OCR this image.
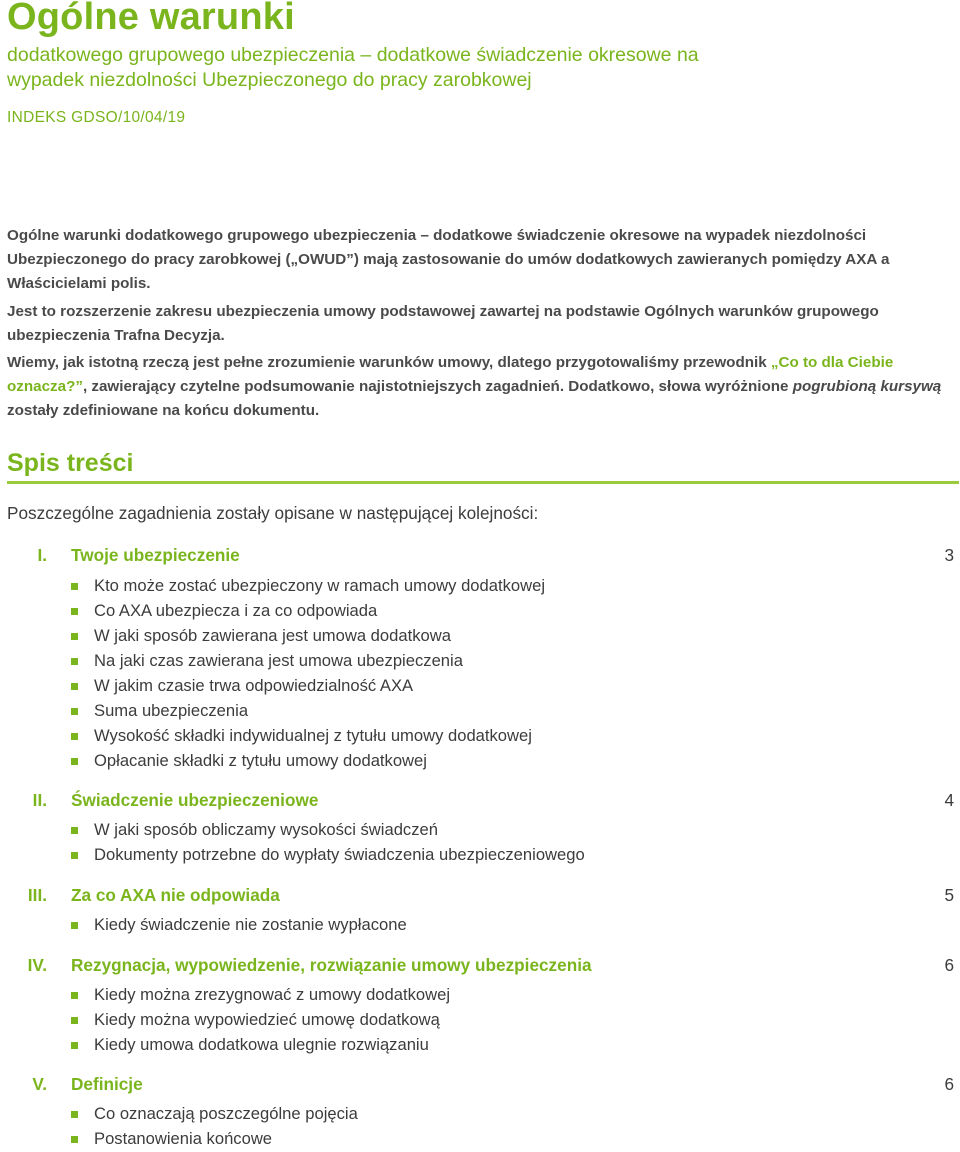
Ogólne warunki
dodatkowego grupowego ubezpieczenia – dodatkowe świadczenie okresowe na wypadek niezdolności Ubezpieczonego do pracy zarobkowej
INDEKS GDSO/10/04/19

Ogólne warunki dodatkowego grupowego ubezpieczenia – dodatkowe świadczenie okresowe na wypadek niezdolności Ubezpieczonego do pracy zarobkowej („OWUD”) mają zastosowanie do umów dodatkowych zawieranych pomiędzy AXA a Właścicielami polis.

Jest to rozszerzenie zakresu ubezpieczenia umowy podstawowej zawartej na podstawie Ogólnych warunków grupowego ubezpieczenia Trafna Decyzja.

Wiemy, jak istotną rzeczą jest pełne zrozumienie warunków umowy, dlatego przygotowaliśmy przewodnik „Co to dla Ciebie oznacza?”, zawierający czytelne podsumowanie najistotniejszych zagadnień. Dodatkowo, słowa wyróżnione pogrubioną kursywą zostały zdefiniowane na końcu dokumentu.

Spis treści
Poszczególne zagadnienia zostały opisane w następującej kolejności:
I. Twoje ubezpieczenie	3
Kto może zostać ubezpieczony w ramach umowy dodatkowej
Co AXA ubezpiecza i za co odpowiada
W jaki sposób zawierana jest umowa dodatkowa
Na jaki czas zawierana jest umowa ubezpieczenia
W jakim czasie trwa odpowiedzialność AXA
Suma ubezpieczenia
Wysokość składki indywidualnej z tytułu umowy dodatkowej
Opłacanie składki z tytułu umowy dodatkowej
II. Świadczenie ubezpieczeniowe	4
W jaki sposób obliczamy wysokości świadczeń
Dokumenty potrzebne do wypłaty świadczenia ubezpieczeniowego
III. Za co AXA nie odpowiada	5
Kiedy świadczenie nie zostanie wypłacone
IV. Rezygnacja, wypowiedzenie, rozwiązanie umowy ubezpieczenia	6
Kiedy można zrezygnować z umowy dodatkowej
Kiedy można wypowiedzieć umowę dodatkową
Kiedy umowa dodatkowa ulegnie rozwiązaniu
V. Definicje	6
Co oznaczają poszczególne pojęcia
Postanowienia końcowe
